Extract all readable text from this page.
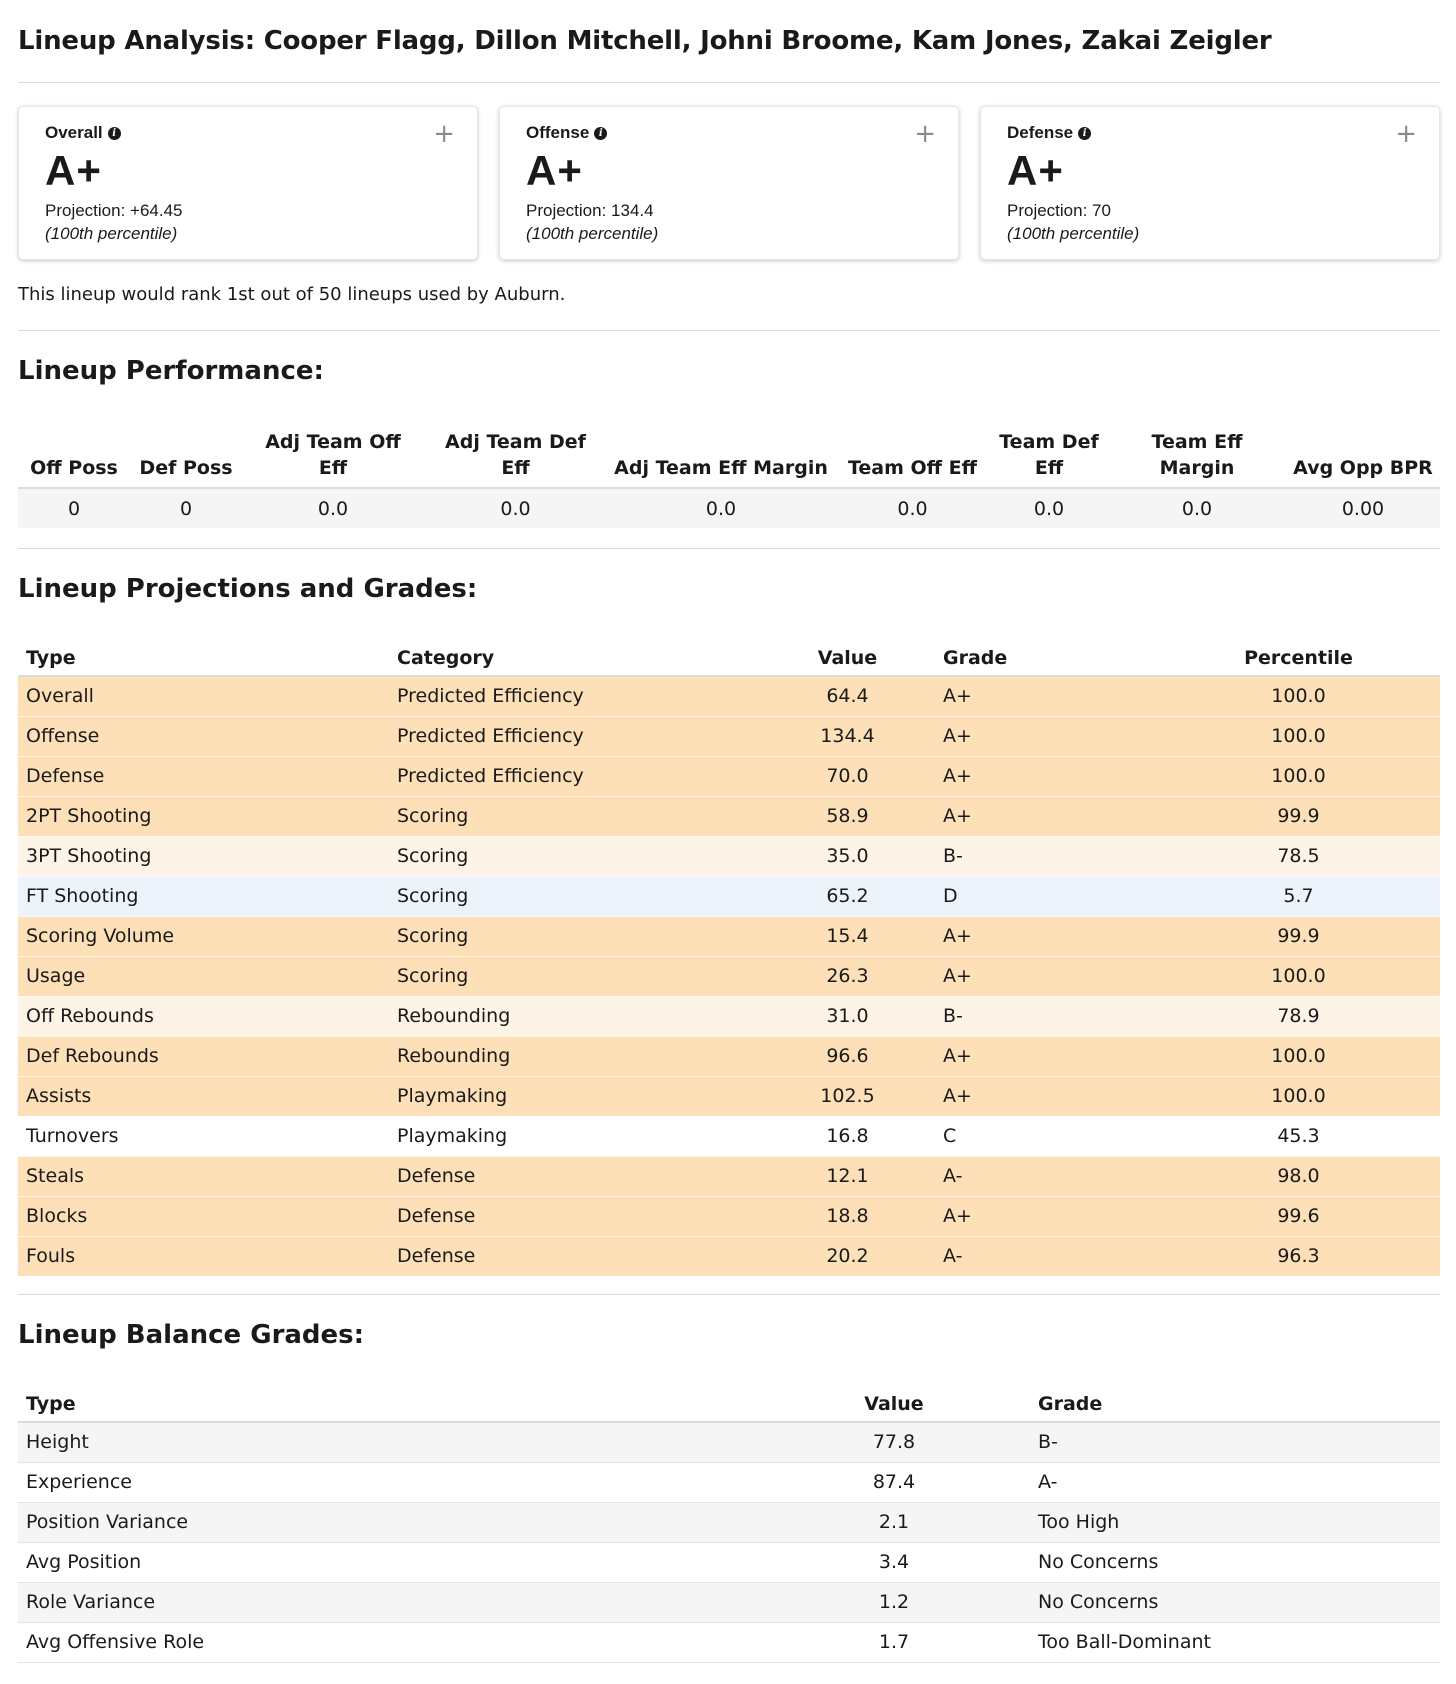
Lineup Analysis: Cooper Flagg, Dillon Mitchell, Johni Broome, Kam Jones, Zakai Zeigler
Overall i	+
A+
Projection: +64.45
(100th percentile)
Offense i	+
A+
Projection: 134.4
(100th percentile)
Defense i	+
A+
Projection: 70
(100th percentile)
This lineup would rank 1st out of 50 lineups used by Auburn.
Lineup Performance:
Off Poss	Def Poss	Adj Team Off Eff	Adj Team Def Eff	Adj Team Eff Margin	Team Off Eff	Team Def Eff	Team Eff Margin	Avg Opp BPR
0	0	0.0	0.0	0.0	0.0	0.0	0.0	0.00
Lineup Projections and Grades:
Type	Category	Value	Grade	Percentile
Overall	Predicted Efficiency	64.4	A+	100.0
Offense	Predicted Efficiency	134.4	A+	100.0
Defense	Predicted Efficiency	70.0	A+	100.0
2PT Shooting	Scoring	58.9	A+	99.9
3PT Shooting	Scoring	35.0	B-	78.5
FT Shooting	Scoring	65.2	D	5.7
Scoring Volume	Scoring	15.4	A+	99.9
Usage	Scoring	26.3	A+	100.0
Off Rebounds	Rebounding	31.0	B-	78.9
Def Rebounds	Rebounding	96.6	A+	100.0
Assists	Playmaking	102.5	A+	100.0
Turnovers	Playmaking	16.8	C	45.3
Steals	Defense	12.1	A-	98.0
Blocks	Defense	18.8	A+	99.6
Fouls	Defense	20.2	A-	96.3
Lineup Balance Grades:
Type	Value	Grade
Height	77.8	B-
Experience	87.4	A-
Position Variance	2.1	Too High
Avg Position	3.4	No Concerns
Role Variance	1.2	No Concerns
Avg Offensive Role	1.7	Too Ball-Dominant
